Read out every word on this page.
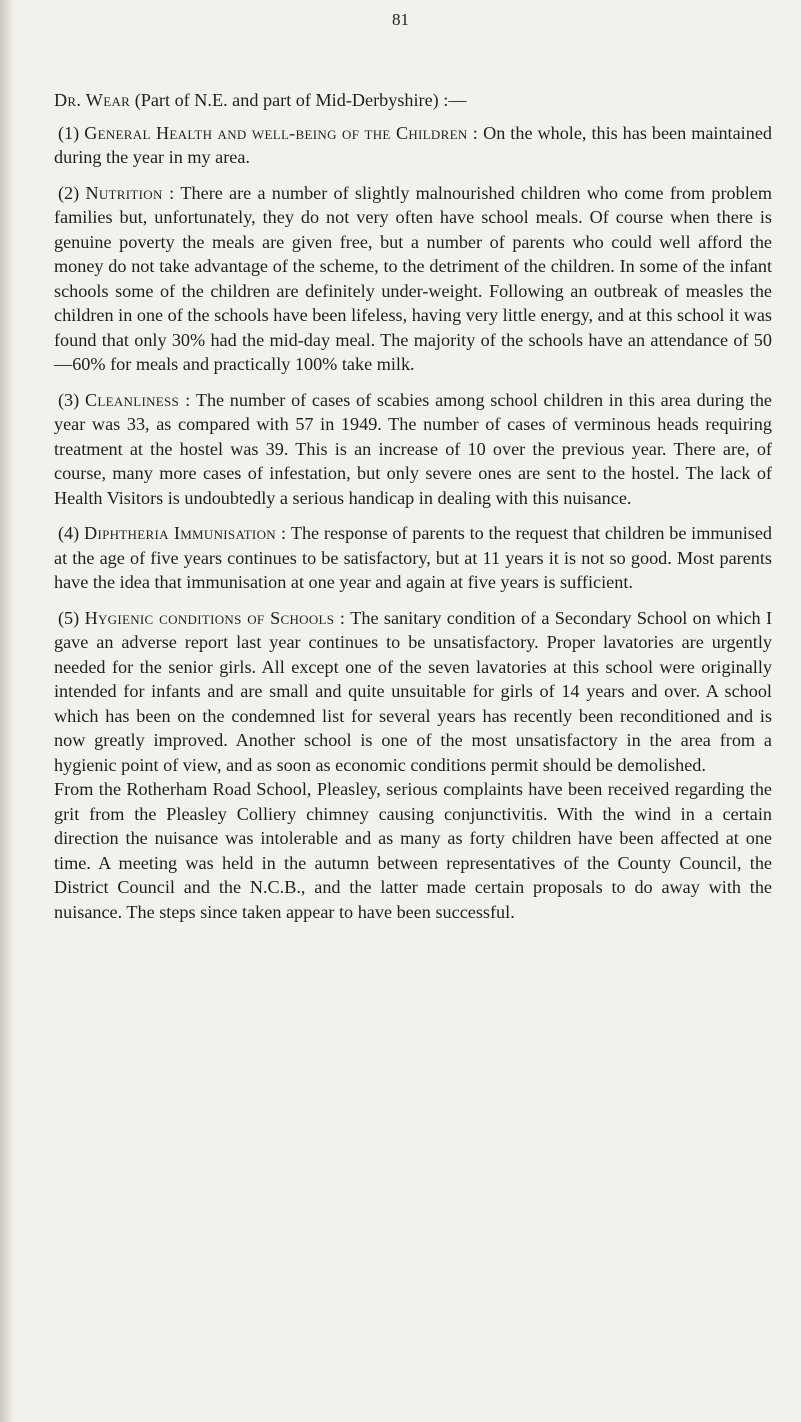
81

Dr. Wear (Part of N.E. and part of Mid-Derbyshire) :—

(1) General Health and well-being of the Children : On the whole, this has been maintained during the year in my area.

(2) Nutrition : There are a number of slightly malnourished children who come from problem families but, unfortunately, they do not very often have school meals. Of course when there is genuine poverty the meals are given free, but a number of parents who could well afford the money do not take advantage of the scheme, to the detriment of the children. In some of the infant schools some of the children are definitely under-weight. Following an outbreak of measles the children in one of the schools have been lifeless, having very little energy, and at this school it was found that only 30% had the mid-day meal. The majority of the schools have an attendance of 50—60% for meals and practically 100% take milk.

(3) Cleanliness : The number of cases of scabies among school children in this area during the year was 33, as compared with 57 in 1949. The number of cases of verminous heads requiring treatment at the hostel was 39. This is an increase of 10 over the previous year. There are, of course, many more cases of infestation, but only severe ones are sent to the hostel. The lack of Health Visitors is undoubtedly a serious handicap in dealing with this nuisance.

(4) Diphtheria Immunisation : The response of parents to the request that children be immunised at the age of five years continues to be satisfactory, but at 11 years it is not so good. Most parents have the idea that immunisation at one year and again at five years is sufficient.

(5) Hygienic conditions of Schools : The sanitary condition of a Secondary School on which I gave an adverse report last year continues to be unsatisfactory. Proper lavatories are urgently needed for the senior girls. All except one of the seven lavatories at this school were originally intended for infants and are small and quite unsuitable for girls of 14 years and over. A school which has been on the condemned list for several years has recently been reconditioned and is now greatly improved. Another school is one of the most unsatisfactory in the area from a hygienic point of view, and as soon as economic conditions permit should be demolished.

From the Rotherham Road School, Pleasley, serious complaints have been received regarding the grit from the Pleasley Colliery chimney causing conjunctivitis. With the wind in a certain direction the nuisance was intolerable and as many as forty children have been affected at one time. A meeting was held in the autumn between representatives of the County Council, the District Council and the N.C.B., and the latter made certain proposals to do away with the nuisance. The steps since taken appear to have been successful.
